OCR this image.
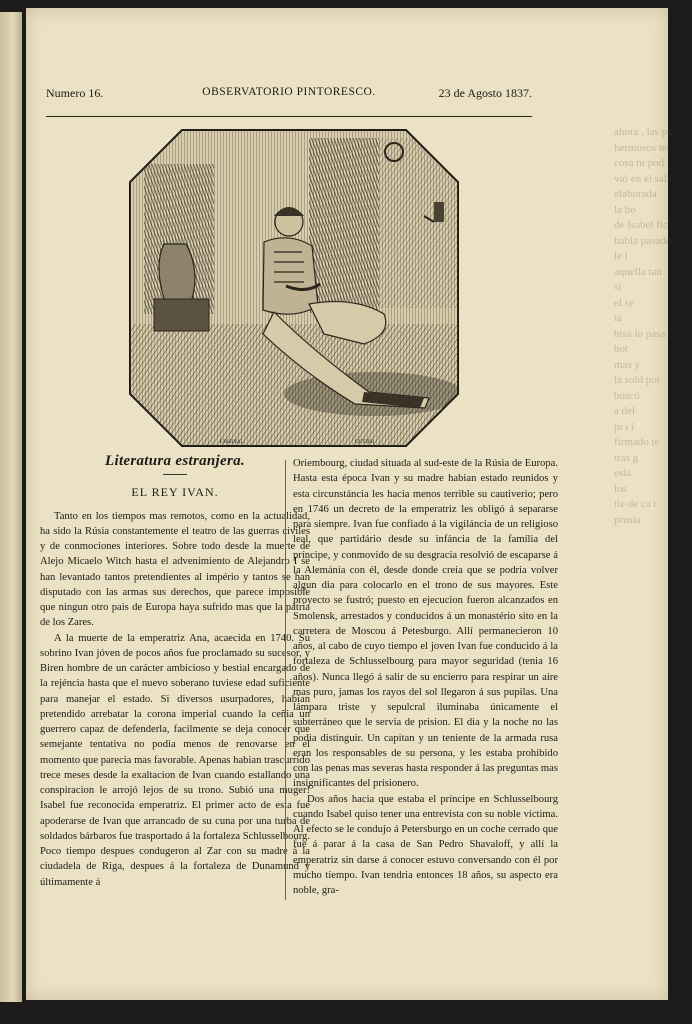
ahora , las pa
hermosos ter
cosa ni pod
vió en el sala
elaborada
la bo
de Isabel fic
habia pasado
le l
aquella tan
si
el se
ta
bisa lo pasa
bot
mas y
la sold por
buscó
a del
pi i i
firmado te
tras g
esla
los
tie de ca t
prusia
Numero 16.	OBSERVATORIO PINTORESCO.	23 de Agosto 1837.
F.BERNAL.	GETTER.
Literatura estranjera.
EL REY IVAN.

Tanto en los tiempos mas remotos, como en la actualidad, ha sido la Rúsia constantemente el teatro de las guerras civiles y de conmociones interiores. Sobre todo desde la muerte de Alejo Micaelo Witch hasta el advenimiento de Alejandro I se han levantado tantos pretendientes al império y tantos se han disputado con las armas sus derechos, que parece imposible que ningun otro pais de Europa haya sufrido mas que la pátria de los Zares.

A la muerte de la emperatriz Ana, acaecida en 1740. Su sobrino Ivan jóven de pocos años fue proclamado su sucesor, y Biren hombre de un carácter ambicioso y bestial encargado de la rejéncia hasta que el nuevo soberano tuviese edad suficiente para manejar el estado. Si diversos usurpadores, habian pretendido arrebatar la corona imperial cuando la ceñia un guerrero capaz de defenderla, facilmente se deja conocer que semejante tentativa no podia menos de renovarse en el momento que parecia mas favorable. Apenas habian trascurrido trece meses desde la exaltacion de Ivan cuando estallando una conspiracion le arrojó lejos de su trono. Subió una muger! Isabel fue reconocida emperatriz. El primer acto de esta fue apoderarse de Ivan que arrancado de su cuna por una turba de soldados bárbaros fue trasportado á la fortaleza Schlusselbourg. Poco tiempo despues condugeron al Zar con su madre á la ciudadela de Riga, despues á la fortaleza de Dunamund y últimamente á

Oriembourg, ciudad situada al sud-este de la Rúsia de Europa. Hasta esta época Ivan y su madre habian estado reunidos y esta circunstáncia les hacia menos terrible su cautiverio; pero en 1746 un decreto de la emperatriz les obligó á separarse para siempre. Ivan fue confiado á la vigiláncia de un religioso leal, que partidário desde su infáncia de la família del príncipe, y conmovido de su desgracia resolvió de escaparse á la Alemánia con él, desde donde creia que se podria volver algun dia para colocarlo en el trono de sus mayores. Este proyecto se fustró; puesto en ejecucion fueron alcanzados en Smolensk, arrestados y conducidos á un monastério sito en la carretera de Moscou á Petesburgo. Allí permanecieron 10 años, al cabo de cuyo tiempo el joven Ivan fue conducido á la fortaleza de Schlusselbourg para mayor seguridad (tenia 16 años). Nunca llegó á salir de su encierro para respirar un aire mas puro, jamas los rayos del sol llegaron á sus pupilas. Una lámpara triste y sepulcral iluminaba únicamente el subterráneo que le servia de prision. El dia y la noche no las podia distinguir. Un capitan y un teniente de la armada rusa eran los responsables de su persona, y les estaba prohibido con las penas mas severas hasta responder á las preguntas mas insignificantes del prisionero.

Dos años hacia que estaba el príncipe en Schlusselbourg cuando Isabel quiso tener una entrevista con su noble víctima. Al efecto se le condujo á Petersburgo en un coche cerrado que fue á parar á la casa de San Pedro Shavaloff, y allí la emperatriz sin darse á conocer estuvo conversando con él por mucho tiempo. Ivan tendria entonces 18 años, su aspecto era noble, gra-
